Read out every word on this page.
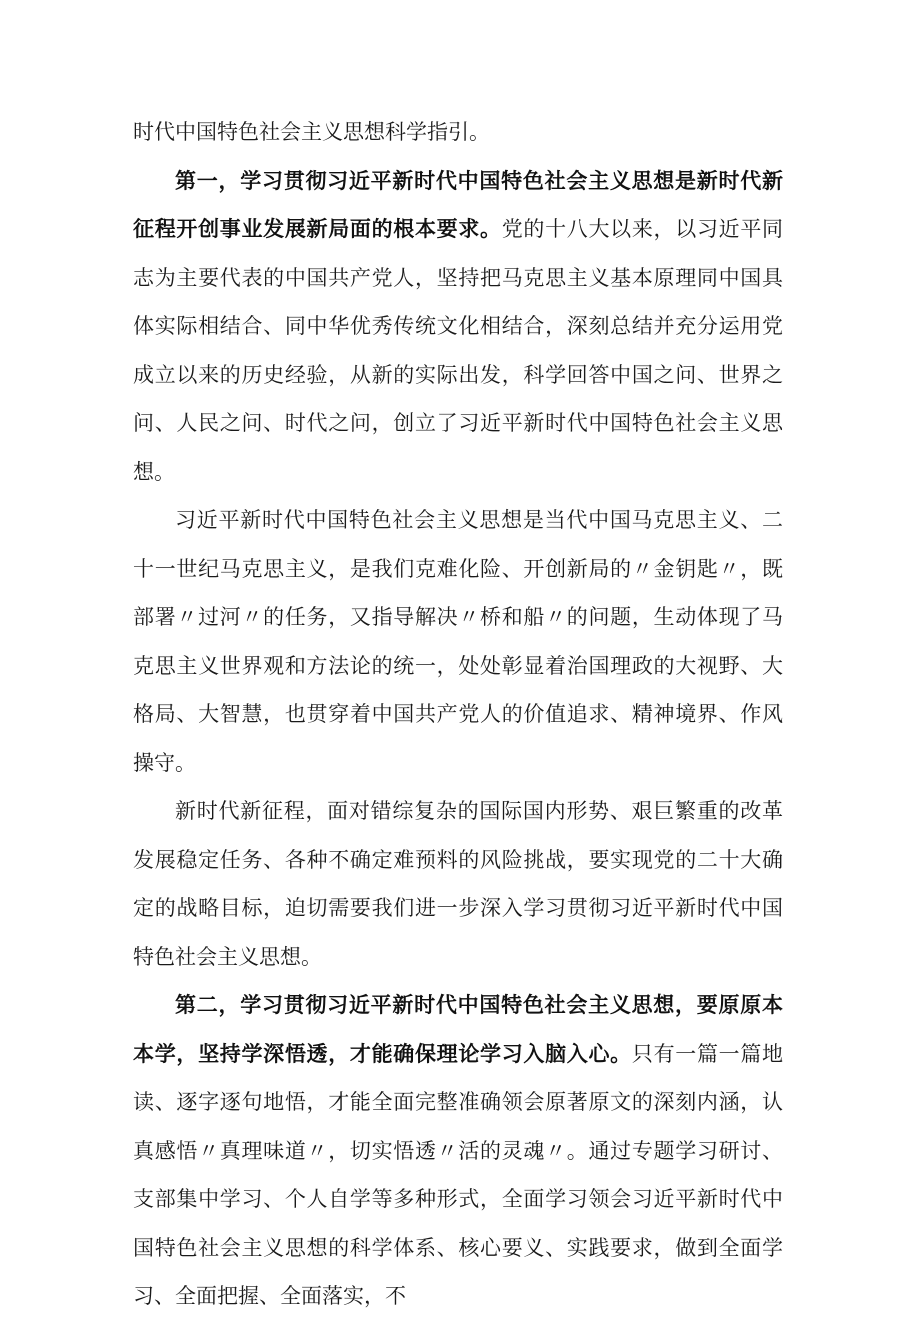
时代中国特色社会主义思想科学指引。

第一，学习贯彻习近平新时代中国特色社会主义思想是新时代新征程开创事业发展新局面的根本要求。党的十八大以来，以习近平同志为主要代表的中国共产党人，坚持把马克思主义基本原理同中国具体实际相结合、同中华优秀传统文化相结合，深刻总结并充分运用党成立以来的历史经验，从新的实际出发，科学回答中国之问、世界之问、人民之问、时代之问，创立了习近平新时代中国特色社会主义思想。

习近平新时代中国特色社会主义思想是当代中国马克思主义、二十一世纪马克思主义，是我们克难化险、开创新局的〃金钥匙〃，既部署〃过河〃的任务，又指导解决〃桥和船〃的问题，生动体现了马克思主义世界观和方法论的统一，处处彰显着治国理政的大视野、大格局、大智慧，也贯穿着中国共产党人的价值追求、精神境界、作风操守。

新时代新征程，面对错综复杂的国际国内形势、艰巨繁重的改革发展稳定任务、各种不确定难预料的风险挑战，要实现党的二十大确定的战略目标，迫切需要我们进一步深入学习贯彻习近平新时代中国特色社会主义思想。

第二，学习贯彻习近平新时代中国特色社会主义思想，要原原本本学，坚持学深悟透，才能确保理论学习入脑入心。只有一篇一篇地读、逐字逐句地悟，才能全面完整准确领会原著原文的深刻内涵，认真感悟〃真理味道〃，切实悟透〃活的灵魂〃。通过专题学习研讨、支部集中学习、个人自学等多种形式，全面学习领会习近平新时代中国特色社会主义思想的科学体系、核心要义、实践要求，做到全面学习、全面把握、全面落实，不
